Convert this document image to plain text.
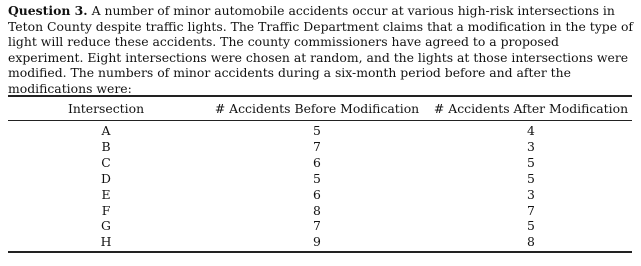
Question 3. A number of minor automobile accidents occur at various high-risk intersections in Teton County despite traffic lights. The Traffic Department claims that a modification in the type of light will reduce these accidents. The county commissioners have agreed to a proposed experiment. Eight intersections were chosen at random, and the lights at those intersections were modified. The numbers of minor accidents during a six-month period before and after the modifications were:

Intersection	# Accidents Before Modification	# Accidents After Modification
A	5	4
B	7	3
C	6	5
D	5	5
E	6	3
F	8	7
G	7	5
H	9	8
